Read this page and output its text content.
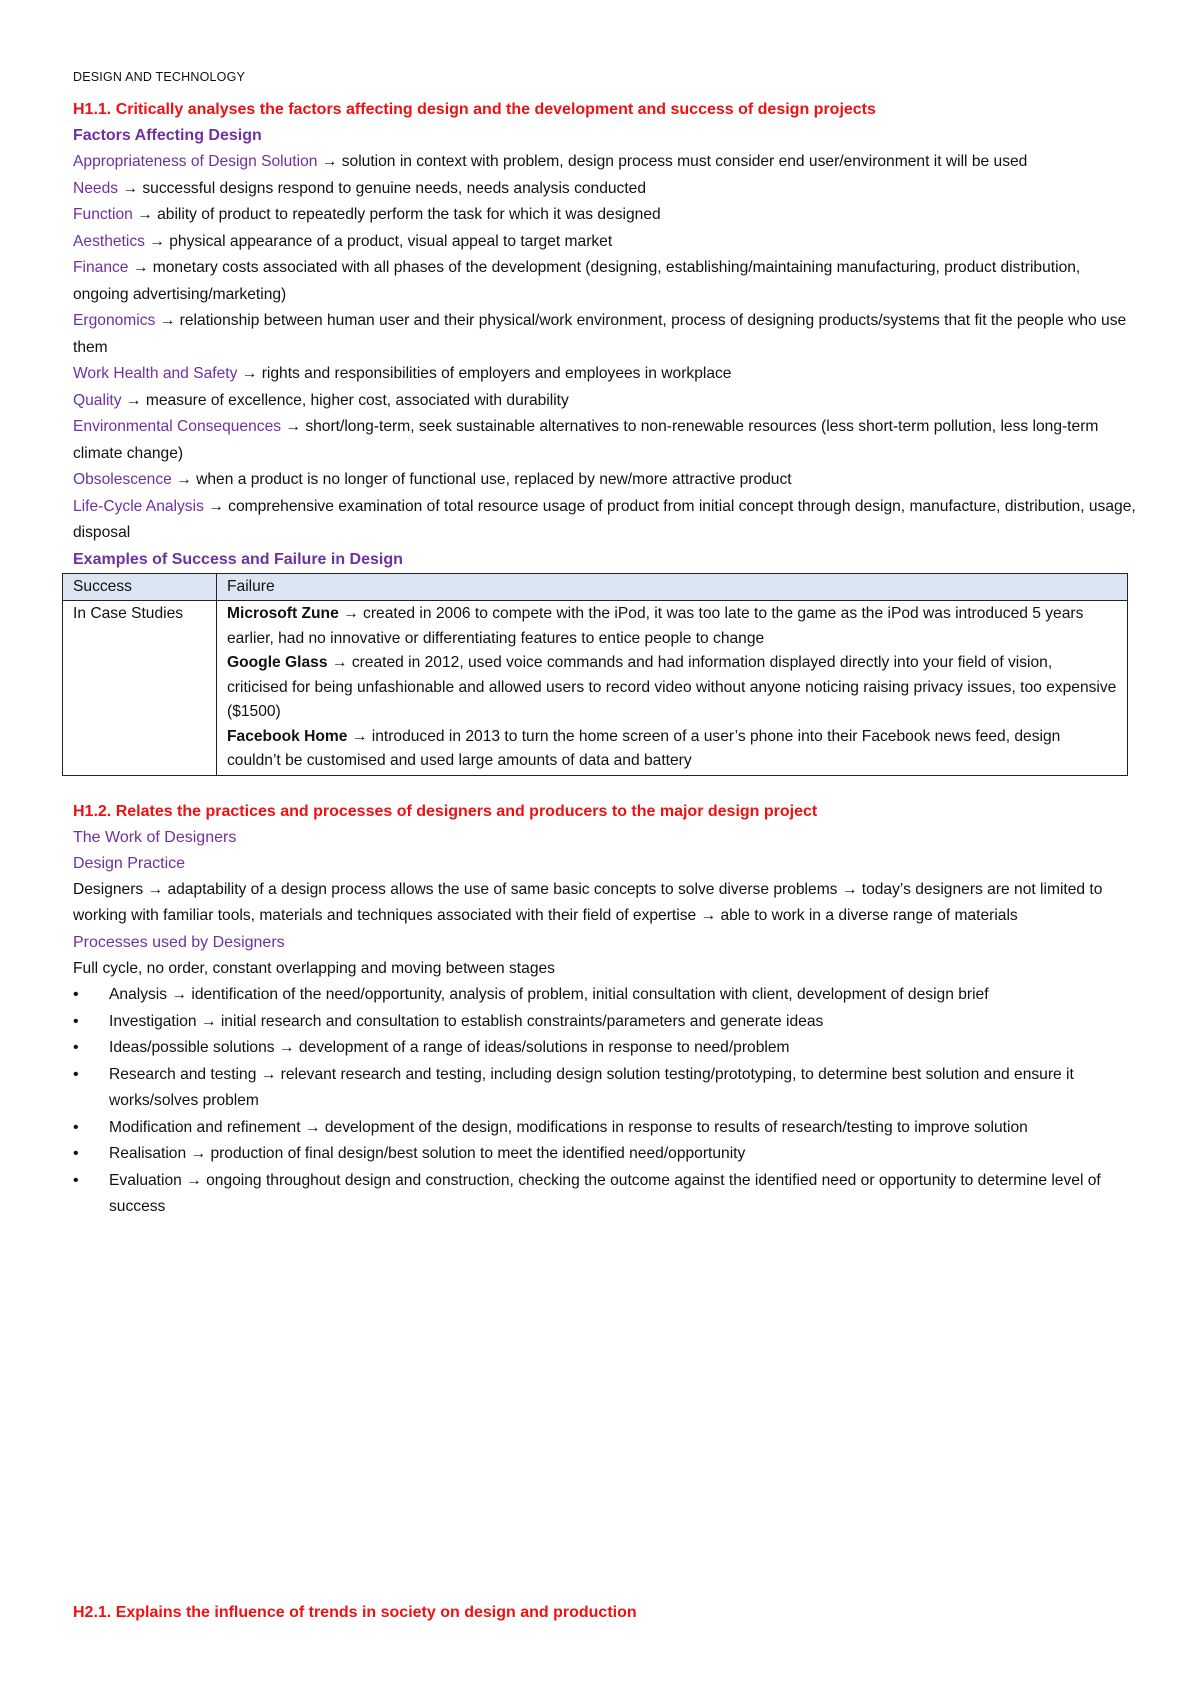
DESIGN AND TECHNOLOGY
H1.1. Critically analyses the factors affecting design and the development and success of design projects
Factors Affecting Design

Appropriateness of Design Solution → solution in context with problem, design process must consider end user/environment it will be used

Needs → successful designs respond to genuine needs, needs analysis conducted

Function → ability of product to repeatedly perform the task for which it was designed

Aesthetics → physical appearance of a product, visual appeal to target market

Finance → monetary costs associated with all phases of the development (designing, establishing/maintaining manufacturing, product distribution, ongoing advertising/marketing)

Ergonomics → relationship between human user and their physical/work environment, process of designing products/systems that fit the people who use them

Work Health and Safety → rights and responsibilities of employers and employees in workplace

Quality → measure of excellence, higher cost, associated with durability

Environmental Consequences → short/long-term, seek sustainable alternatives to non-renewable resources (less short-term pollution, less long-term climate change)

Obsolescence → when a product is no longer of functional use, replaced by new/more attractive product

Life-Cycle Analysis → comprehensive examination of total resource usage of product from initial concept through design, manufacture, distribution, usage, disposal

Examples of Success and Failure in Design
Success	Failure
In Case Studies	Microsoft Zune → created in 2006 to compete with the iPod, it was too late to the game as the iPod was introduced 5 years earlier, had no innovative or differentiating features to entice people to change
Google Glass → created in 2012, used voice commands and had information displayed directly into your field of vision, criticised for being unfashionable and allowed users to record video without anyone noticing raising privacy issues, too expensive ($1500)
Facebook Home → introduced in 2013 to turn the home screen of a user’s phone into their Facebook news feed, design couldn’t be customised and used large amounts of data and battery
H1.2. Relates the practices and processes of designers and producers to the major design project
The Work of Designers
Design Practice

Designers → adaptability of a design process allows the use of same basic concepts to solve diverse problems → today’s designers are not limited to working with familiar tools, materials and techniques associated with their field of expertise → able to work in a diverse range of materials

Processes used by Designers

Full cycle, no order, constant overlapping and moving between stages

• Analysis → identification of the need/opportunity, analysis of problem, initial consultation with client, development of design brief
• Investigation → initial research and consultation to establish constraints/parameters and generate ideas
• Ideas/possible solutions → development of a range of ideas/solutions in response to need/problem
• Research and testing → relevant research and testing, including design solution testing/prototyping, to determine best solution and ensure it works/solves problem
• Modification and refinement → development of the design, modifications in response to results of research/testing to improve solution
• Realisation → production of final design/best solution to meet the identified need/opportunity
• Evaluation → ongoing throughout design and construction, checking the outcome against the identified need or opportunity to determine level of success
H2.1. Explains the influence of trends in society on design and production
